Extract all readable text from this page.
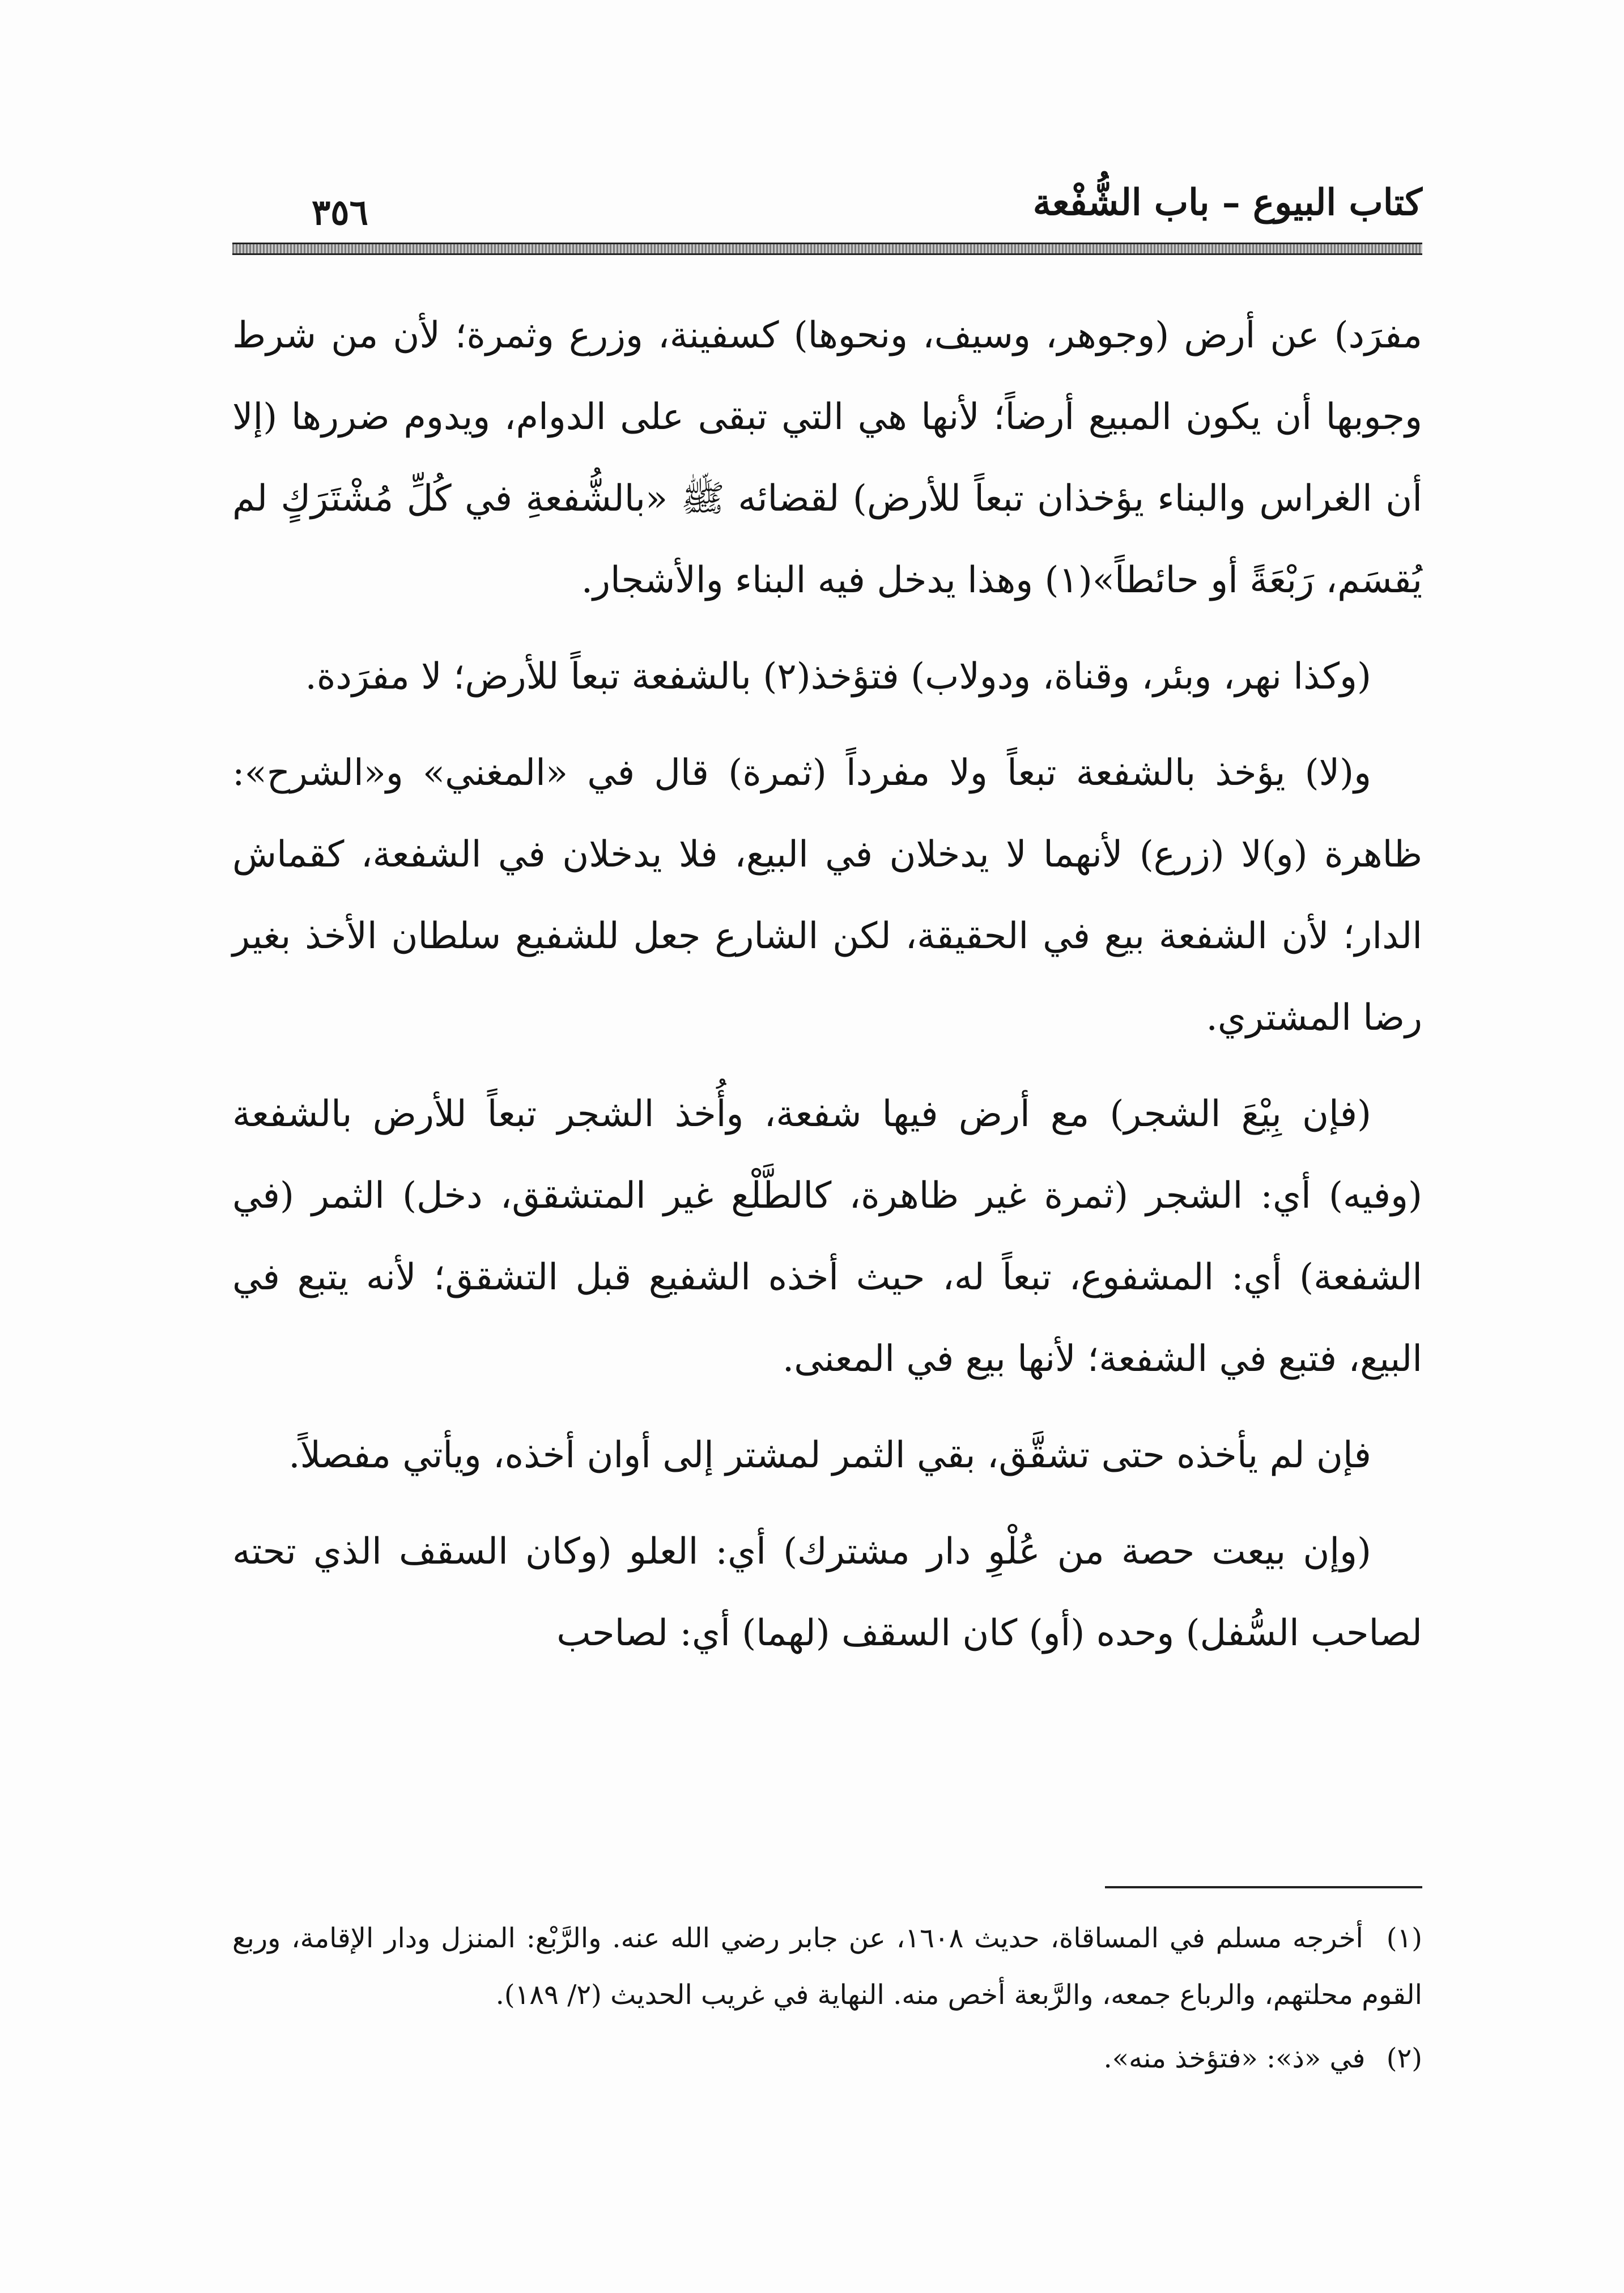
٣٥٦	كتاب البيوع – باب الشُّفْعة

مفرَد) عن أرض (وجوهر، وسيف، ونحوها) كسفينة، وزرع وثمرة؛ لأن من شرط وجوبها أن يكون المبيع أرضاً؛ لأنها هي التي تبقى على الدوام، ويدوم ضررها (إلا أن الغراس والبناء يؤخذان تبعاً للأرض) لقضائه ﷺ «بالشُّفعةِ في كُلِّ مُشْتَرَكٍ لم يُقسَم، رَبْعَةً أو حائطاً»(١) وهذا يدخل فيه البناء والأشجار.

(وكذا نهر، وبئر، وقناة، ودولاب) فتؤخذ(٢) بالشفعة تبعاً للأرض؛ لا مفرَدة.

و(لا) يؤخذ بالشفعة تبعاً ولا مفرداً (ثمرة) قال في «المغني» و«الشرح»: ظاهرة (و)لا (زرع) لأنهما لا يدخلان في البيع، فلا يدخلان في الشفعة، كقماش الدار؛ لأن الشفعة بيع في الحقيقة، لكن الشارع جعل للشفيع سلطان الأخذ بغير رضا المشتري.

(فإن بِيْعَ الشجر) مع أرض فيها شفعة، وأُخذ الشجر تبعاً للأرض بالشفعة (وفيه) أي: الشجر (ثمرة غير ظاهرة، كالطَّلْع غير المتشقق، دخل) الثمر (في الشفعة) أي: المشفوع، تبعاً له، حيث أخذه الشفيع قبل التشقق؛ لأنه يتبع في البيع، فتبع في الشفعة؛ لأنها بيع في المعنى.

فإن لم يأخذه حتى تشقَّق، بقي الثمر لمشتر إلى أوان أخذه، ويأتي مفصلاً.

(وإن بيعت حصة من عُلْوِ دار مشترك) أي: العلو (وكان السقف الذي تحته لصاحب السُّفل) وحده (أو) كان السقف (لهما) أي: لصاحب

(١) أخرجه مسلم في المساقاة، حديث ١٦٠٨، عن جابر رضي الله عنه. والرَّبْع: المنزل ودار الإقامة، وربع القوم محلتهم، والرباع جمعه، والرَّبعة أخص منه. النهاية في غريب الحديث (٢/ ١٨٩).

(٢) في «ذ»: «فتؤخذ منه».
